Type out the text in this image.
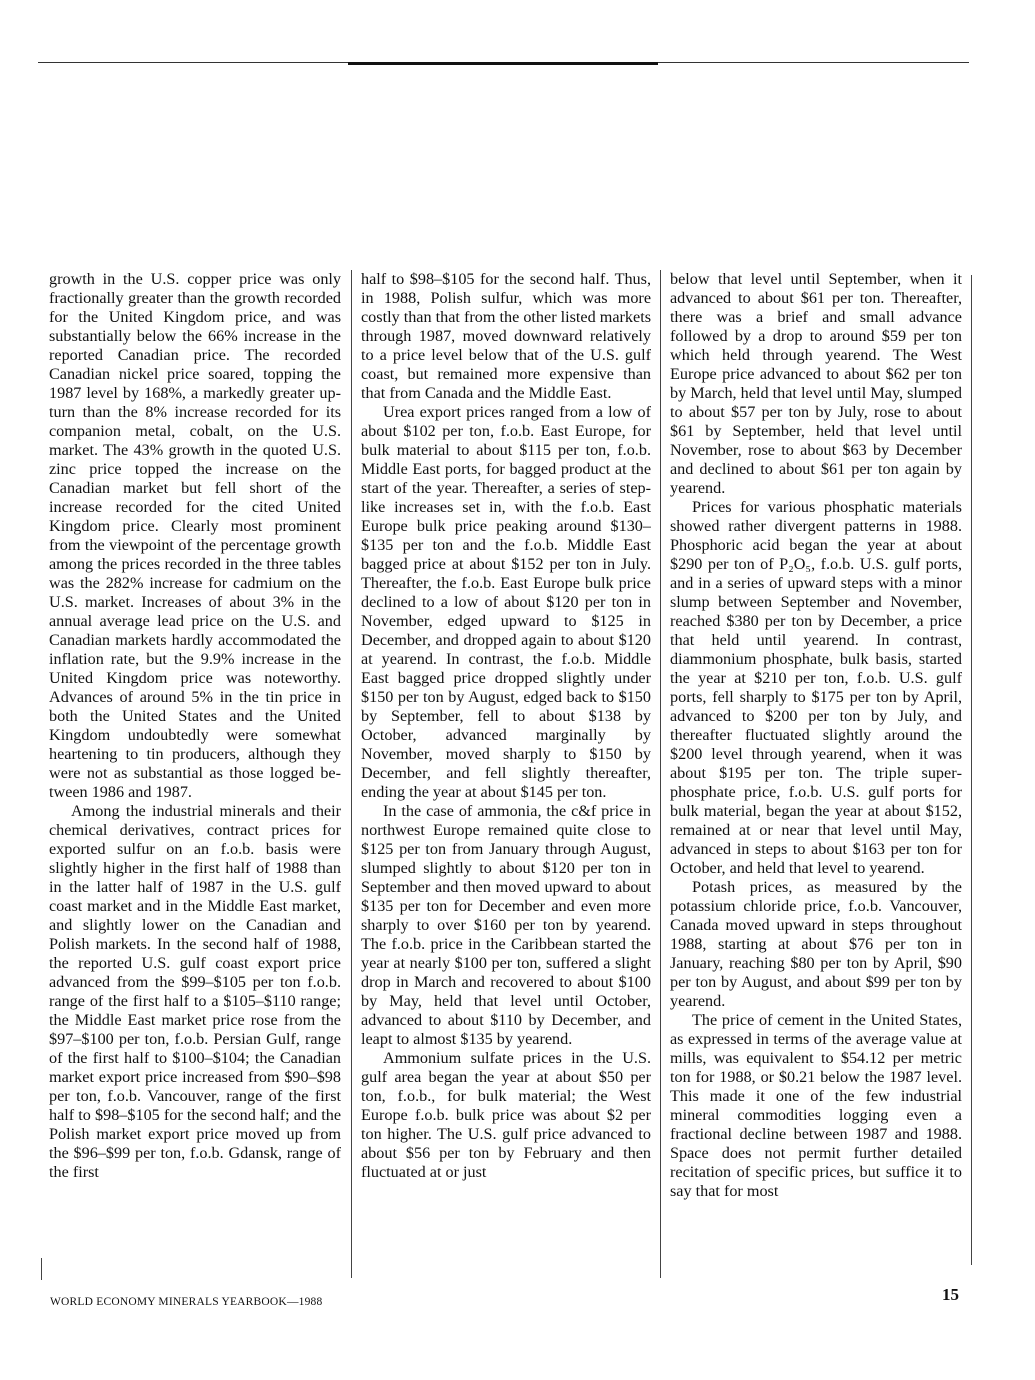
growth in the U.S. copper price was only fractionally greater than the growth recorded for the United Kingdom price, and was substantially below the 66% increase in the reported Canadian price. The recorded Canadian nickel price soared, topping the 1987 level by 168%, a markedly greater upturn than the 8% increase recorded for its companion metal, cobalt, on the U.S. market. The 43% growth in the quoted U.S. zinc price topped the increase on the Canadian market but fell short of the increase recorded for the cited United Kingdom price. Clearly most prominent from the viewpoint of the percentage growth among the prices recorded in the three tables was the 282% increase for cadmium on the U.S. market. Increases of about 3% in the annual average lead price on the U.S. and Canadian markets hardly accommodated the inflation rate, but the 9.9% increase in the United Kingdom price was noteworthy. Advances of around 5% in the tin price in both the United States and the United Kingdom undoubtedly were somewhat heartening to tin producers, although they were not as substantial as those logged between 1986 and 1987.

Among the industrial minerals and their chemical derivatives, contract prices for exported sulfur on an f.o.b. basis were slightly higher in the first half of 1988 than in the latter half of 1987 in the U.S. gulf coast market and in the Middle East market, and slightly lower on the Canadian and Polish markets. In the second half of 1988, the reported U.S. gulf coast export price advanced from the $99–$105 per ton f.o.b. range of the first half to a $105–$110 range; the Middle East market price rose from the $97–$100 per ton, f.o.b. Persian Gulf, range of the first half to $100–$104; the Canadian market export price increased from $90–$98 per ton, f.o.b. Vancouver, range of the first half to $98–$105 for the second half; and the Polish market export price moved up from the $96–$99 per ton, f.o.b. Gdansk, range of the first

half to $98–$105 for the second half. Thus, in 1988, Polish sulfur, which was more costly than that from the other listed markets through 1987, moved downward relatively to a price level below that of the U.S. gulf coast, but remained more expensive than that from Canada and the Middle East.

Urea export prices ranged from a low of about $102 per ton, f.o.b. East Europe, for bulk material to about $115 per ton, f.o.b. Middle East ports, for bagged product at the start of the year. Thereafter, a series of step-like increases set in, with the f.o.b. East Europe bulk price peaking around $130–$135 per ton and the f.o.b. Middle East bagged price at about $152 per ton in July. Thereafter, the f.o.b. East Europe bulk price declined to a low of about $120 per ton in November, edged upward to $125 in December, and dropped again to about $120 at yearend. In contrast, the f.o.b. Middle East bagged price dropped slightly under $150 per ton by August, edged back to $150 by September, fell to about $138 by October, advanced marginally by November, moved sharply to $150 by December, and fell slightly thereafter, ending the year at about $145 per ton.

In the case of ammonia, the c&f price in northwest Europe remained quite close to $125 per ton from January through August, slumped slightly to about $120 per ton in September and then moved upward to about $135 per ton for December and even more sharply to over $160 per ton by yearend. The f.o.b. price in the Caribbean started the year at nearly $100 per ton, suffered a slight drop in March and recovered to about $100 by May, held that level until October, advanced to about $110 by December, and leapt to almost $135 by yearend.

Ammonium sulfate prices in the U.S. gulf area began the year at about $50 per ton, f.o.b., for bulk material; the West Europe f.o.b. bulk price was about $2 per ton higher. The U.S. gulf price advanced to about $56 per ton by February and then fluctuated at or just

below that level until September, when it advanced to about $61 per ton. Thereafter, there was a brief and small advance followed by a drop to around $59 per ton which held through yearend. The West Europe price advanced to about $62 per ton by March, held that level until May, slumped to about $57 per ton by July, rose to about $61 by September, held that level until November, rose to about $63 by December and declined to about $61 per ton again by yearend.

Prices for various phosphatic materials showed rather divergent patterns in 1988. Phosphoric acid began the year at about $290 per ton of P₂O₅, f.o.b. U.S. gulf ports, and in a series of upward steps with a minor slump between September and November, reached $380 per ton by December, a price that held until yearend. In contrast, diammonium phosphate, bulk basis, started the year at $210 per ton, f.o.b. U.S. gulf ports, fell sharply to $175 per ton by April, advanced to $200 per ton by July, and thereafter fluctuated slightly around the $200 level through yearend, when it was about $195 per ton. The triple superphosphate price, f.o.b. U.S. gulf ports for bulk material, began the year at about $152, remained at or near that level until May, advanced in steps to about $163 per ton for October, and held that level to yearend.

Potash prices, as measured by the potassium chloride price, f.o.b. Vancouver, Canada moved upward in steps throughout 1988, starting at about $76 per ton in January, reaching $80 per ton by April, $90 per ton by August, and about $99 per ton by yearend.

The price of cement in the United States, as expressed in terms of the average value at mills, was equivalent to $54.12 per metric ton for 1988, or $0.21 below the 1987 level. This made it one of the few industrial mineral commodities logging even a fractional decline between 1987 and 1988. Space does not permit further detailed recitation of specific prices, but suffice it to say that for most

WORLD ECONOMY MINERALS YEARBOOK—1988	15
